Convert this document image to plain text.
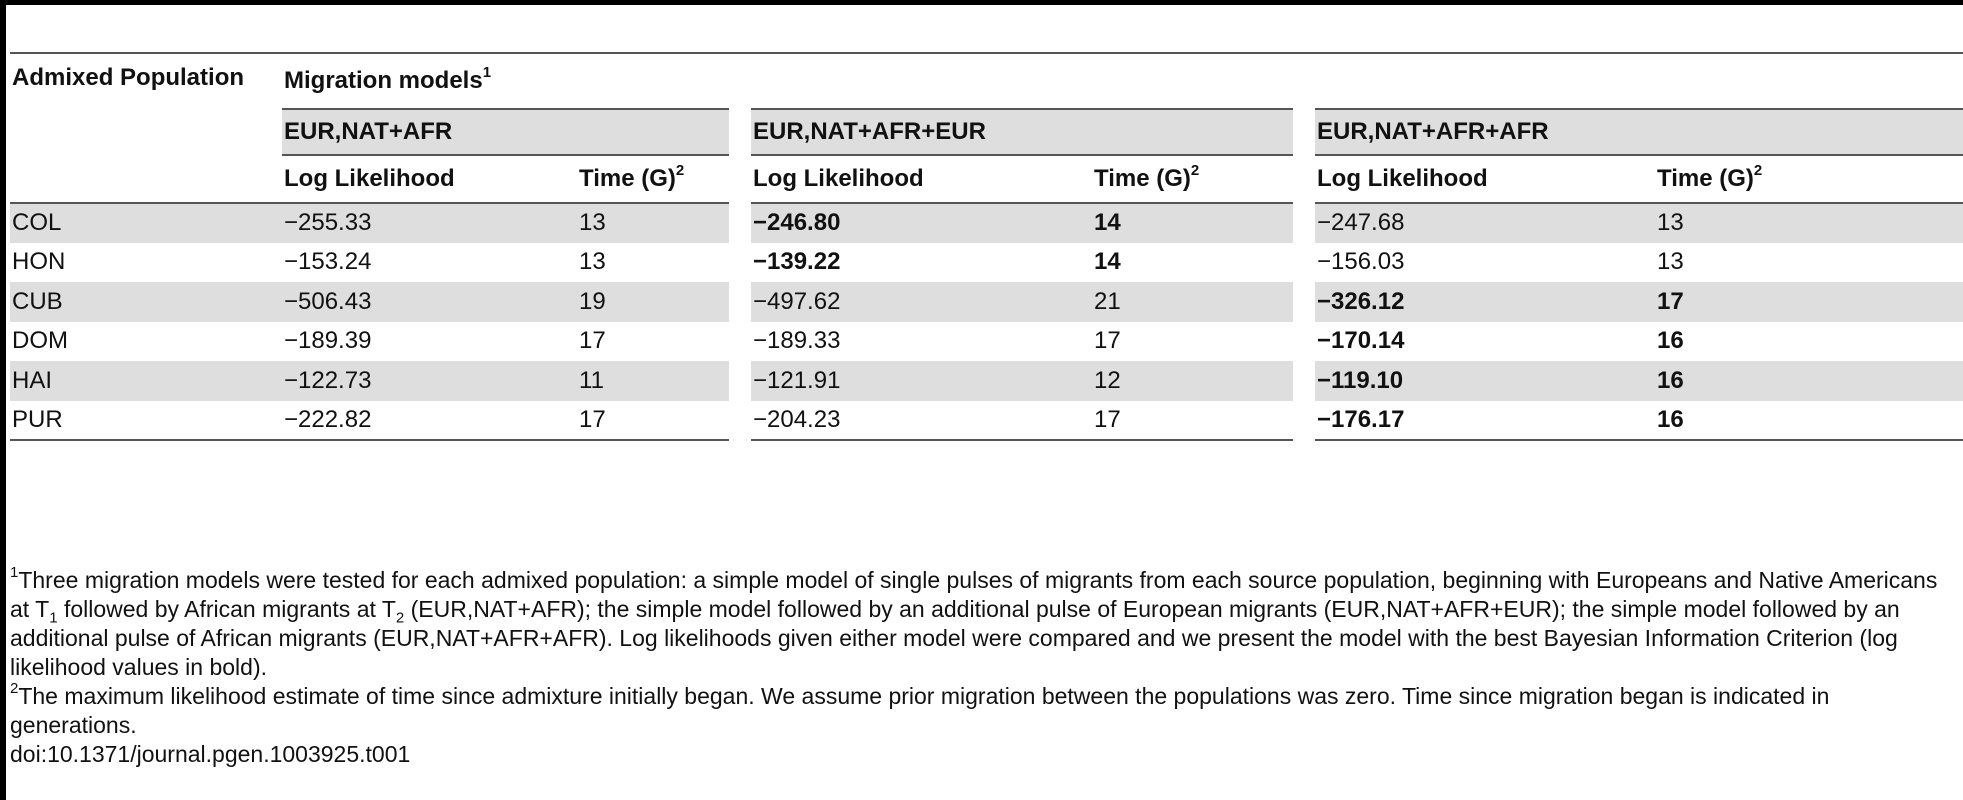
Admixed Population	Migration models$^1$
	EUR,NAT+AFR		EUR,NAT+AFR+EUR		EUR,NAT+AFR+AFR	
	Log Likelihood	Time $(G)^2$	Log Likelihood	Time $(G)^2$	Log Likelihood	Time $(G)^2$
COL	−255.33	13	−246.80	14	−247.68	13
HON	−153.24	13	−139.22	14	−156.03	13
CUB	−506.43	19	−497.62	21	−326.12	17
DOM	−189.39	17	−189.33	17	−170.14	16
HAI	−122.73	11	−121.91	12	−119.10	16
PUR	−222.82	17	−204.23	17	−176.17	16

$^1$Three migration models were tested for each admixed population: a simple model of single pulses of migrants from each source population, beginning with Europeans and Native Americans at $T_1$ followed by African migrants at $T_2$ (EUR,NAT+AFR); the simple model followed by an additional pulse of European migrants (EUR,NAT+AFR+EUR); the simple model followed by an additional pulse of African migrants (EUR,NAT+AFR+AFR). Log likelihoods given either model were compared and we present the model with the best Bayesian Information Criterion (log likelihood values in bold).

$^2$The maximum likelihood estimate of time since admixture initially began. We assume prior migration between the populations was zero. Time since migration began is indicated in generations.

doi:10.1371/journal.pgen.1003925.t001
